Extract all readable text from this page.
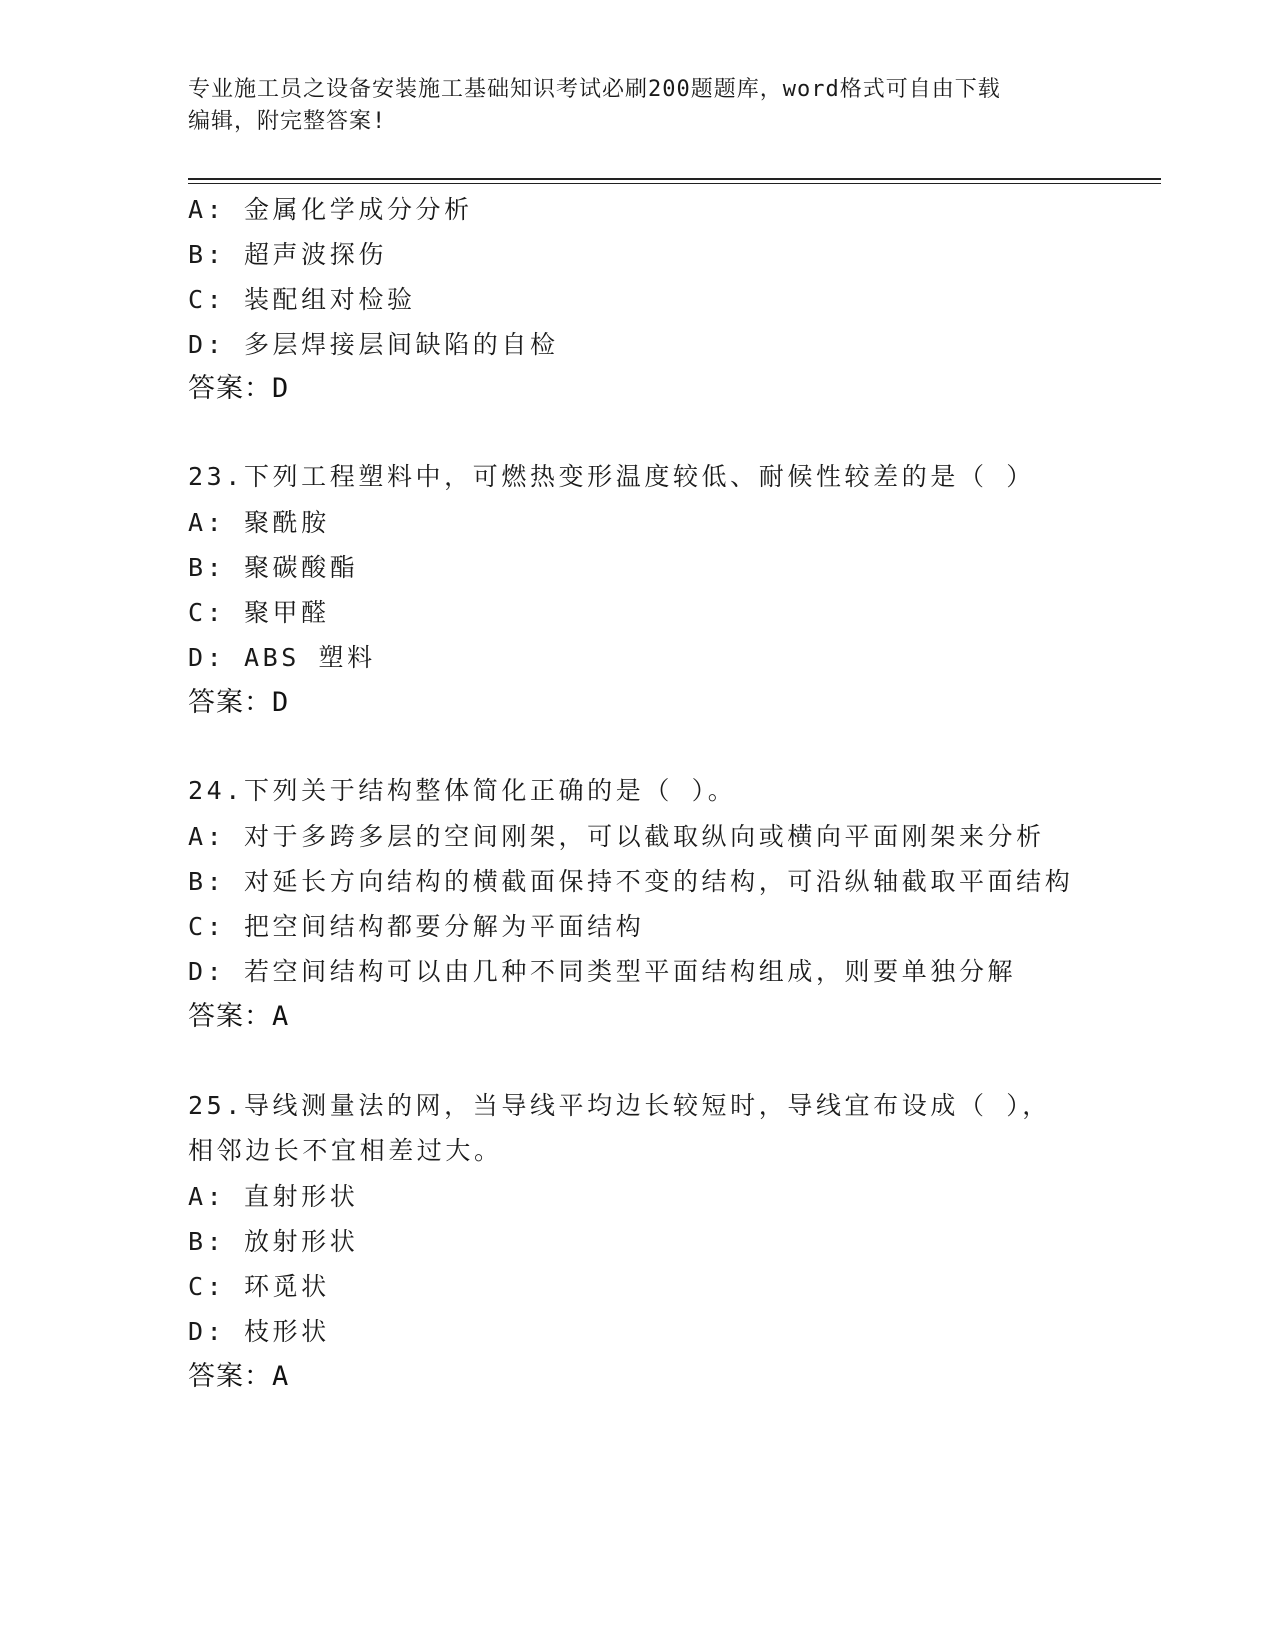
专业施工员之设备安装施工基础知识考试必刷200题题库，word格式可自由下载
编辑，附完整答案!
A: 金属化学成分分析
B: 超声波探伤
C: 装配组对检验
D: 多层焊接层间缺陷的自检
答案：D
23.下列工程塑料中，可燃热变形温度较低、耐候性较差的是（ ）
A: 聚酰胺
B: 聚碳酸酯
C: 聚甲醛
D: ABS 塑料
答案：D
24.下列关于结构整体简化正确的是（ ）。
A: 对于多跨多层的空间刚架，可以截取纵向或横向平面刚架来分析
B: 对延长方向结构的横截面保持不变的结构，可沿纵轴截取平面结构
C: 把空间结构都要分解为平面结构
D: 若空间结构可以由几种不同类型平面结构组成，则要单独分解
答案：A
25.导线测量法的网，当导线平均边长较短时，导线宜布设成（ ），
相邻边长不宜相差过大。
A: 直射形状
B: 放射形状
C: 环觅状
D: 枝形状
答案：A
